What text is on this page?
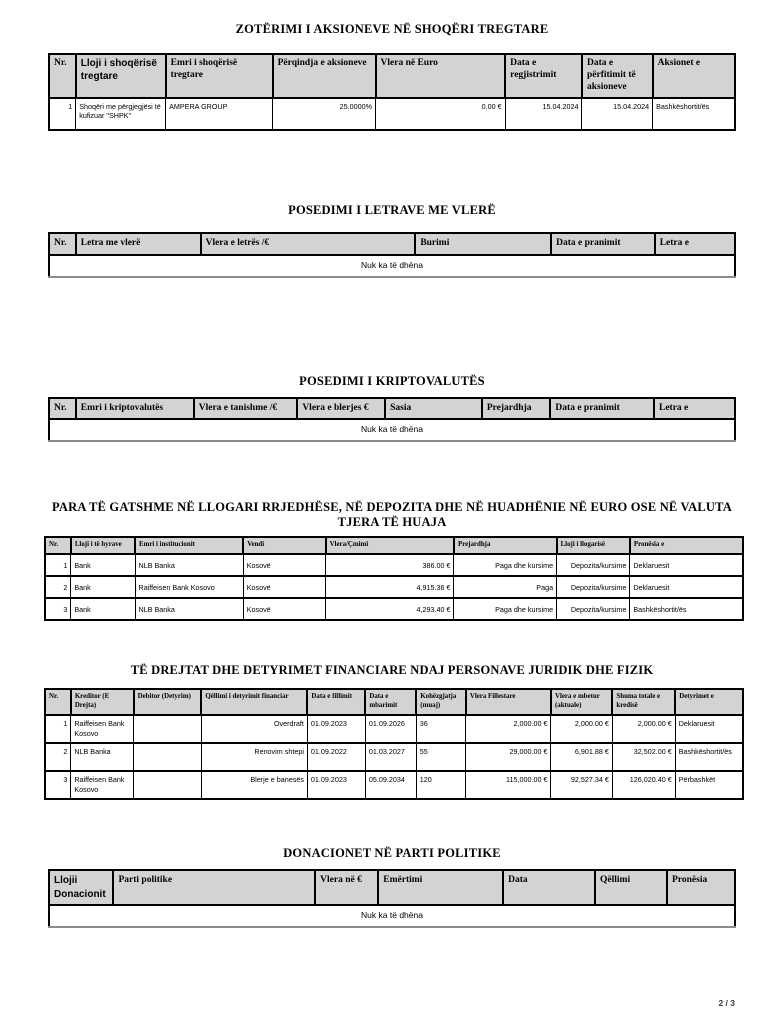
ZOTËRIMI I AKSIONEVE NË SHOQËRI TREGTARE
Nr.	Lloji i shoqërisë tregtare	Emri i shoqërisë tregtare	Përqindja e aksioneve	Vlera në Euro	Data e regjistrimit	Data e përfitimit të aksioneve	Aksionet e
1	Shoqëri me përgjegjësi të kufizuar "SHPK"	AMPERA GROUP	25.0000%	0.00 €	15.04.2024	15.04.2024	Bashkëshortit/ës
POSEDIMI I LETRAVE ME VLERË
Nr.	Letra me vlerë	Vlera e letrës /€	Burimi	Data e pranimit	Letra e
Nuk ka të dhëna
POSEDIMI I KRIPTOVALUTËS
Nr.	Emri i kriptovalutës	Vlera e tanishme /€	Vlera e blerjes €	Sasia	Prejardhja	Data e pranimit	Letra e
Nuk ka të dhëna
PARA TË GATSHME NË LLOGARI RRJEDHËSE, NË DEPOZITA DHE NË HUADHËNIE NË EURO OSE NË VALUTA TJERA TË HUAJA
Nr.	Lloji i të hyrave	Emri i institucionit	Vendi	Vlera/Çmimi	Prejardhja	Lloji i llogarisë	Pronësia e
1	Bank	NLB Banka	Kosovë	386.00 €	Paga dhe kursime	Depozita/kursime	Deklaruesit
2	Bank	Raiffeisen Bank Kosovo	Kosovë	4,915.36 €	Paga	Depozita/kursime	Deklaruesit
3	Bank	NLB Banka	Kosovë	4,293.40 €	Paga dhe kursime	Depozita/kursime	Bashkëshortit/ës
TË DREJTAT DHE DETYRIMET FINANCIARE NDAJ PERSONAVE JURIDIK DHE FIZIK
Nr.	Kreditor (E Drejta)	Debitor (Detyrim)	Qëllimi i detyrimit financiar	Data e fillimit	Data e mbarimit	Kohëzgjatja (muaj)	Vlera Fillestare	Vlera e mbetur (aktuale)	Shuma totale e kredisë	Detyrimet e
1	Raiffeisen Bank Kosovo		Overdraft	01.09.2023	01.09.2026	36	2,000.00 €	2,000.00 €	2,000.00 €	Deklaruesit
2	NLB Banka		Renovim shtepi	01.09.2022	01.03.2027	55	29,000.00 €	6,901.88 €	32,502.00 €	Bashkëshortit/ës
3	Raiffeisen Bank Kosovo		Blerje e banesës	01.09.2023	05.09.2034	120	115,000.00 €	92,527.34 €	126,020.40 €	Përbashkët
DONACIONET NË PARTI POLITIKE
Llojii Donacionit	Parti politike	Vlera në €	Emërtimi	Data	Qëllimi	Pronësia
Nuk ka të dhëna
2 / 3
